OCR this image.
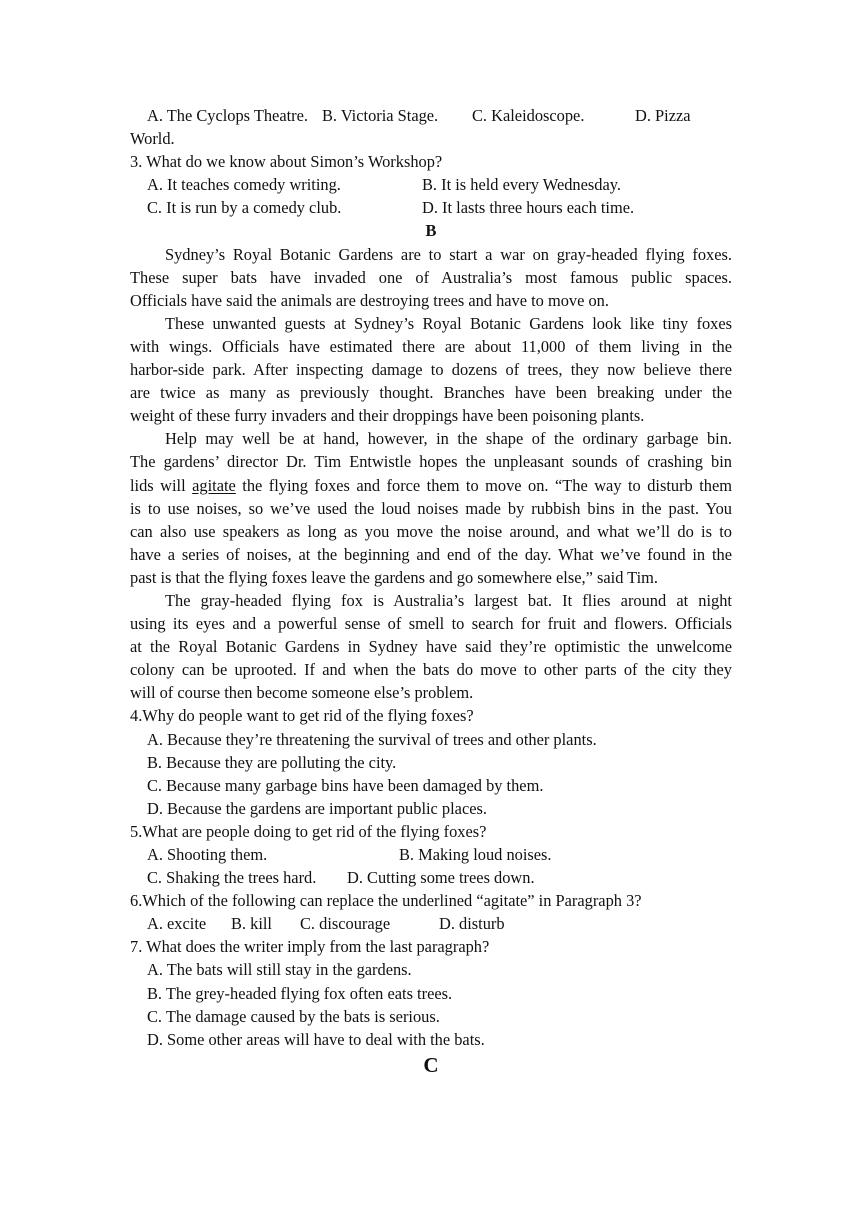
A. The Cyclops Theatre. B. Victoria Stage. C. Kaleidoscope.	D. Pizza
World.
3. What do we know about Simon’s Workshop?
A. It teaches comedy writing.	B. It is held every Wednesday.
C. It is run by a comedy club.	D. It lasts three hours each time.
B
Sydney’s Royal Botanic Gardens are to start a war on gray-headed flying foxes.
These super bats have invaded one of Australia’s most famous public spaces.
Officials have said the animals are destroying trees and have to move on.
These unwanted guests at Sydney’s Royal Botanic Gardens look like tiny foxes
with wings. Officials have estimated there are about 11,000 of them living in the
harbor-side park. After inspecting damage to dozens of trees, they now believe there
are twice as many as previously thought. Branches have been breaking under the
weight of these furry invaders and their droppings have been poisoning plants.
Help may well be at hand, however, in the shape of the ordinary garbage bin.
The gardens’ director Dr. Tim Entwistle hopes the unpleasant sounds of crashing bin
lids will agitate the flying foxes and force them to move on. “The way to disturb them
is to use noises, so we’ve used the loud noises made by rubbish bins in the past. You
can also use speakers as long as you move the noise around, and what we’ll do is to
have a series of noises, at the beginning and end of the day. What we’ve found in the
past is that the flying foxes leave the gardens and go somewhere else,” said Tim.
The gray-headed flying fox is Australia’s largest bat. It flies around at night
using its eyes and a powerful sense of smell to search for fruit and flowers. Officials
at the Royal Botanic Gardens in Sydney have said they’re optimistic the unwelcome
colony can be uprooted. If and when the bats do move to other parts of the city they
will of course then become someone else’s problem.
4.Why do people want to get rid of the flying foxes?
A. Because they’re threatening the survival of trees and other plants.
B. Because they are polluting the city.
C. Because many garbage bins have been damaged by them.
D. Because the gardens are important public places.
5.What are people doing to get rid of the flying foxes?
A. Shooting them.	B. Making loud noises.
C. Shaking the trees hard. D. Cutting some trees down.
6.Which of the following can replace the underlined “agitate” in Paragraph 3?
A. excite B. kill C. discourage	D. disturb
7. What does the writer imply from the last paragraph?
A. The bats will still stay in the gardens.
B. The grey-headed flying fox often eats trees.
C. The damage caused by the bats is serious.
D. Some other areas will have to deal with the bats.
C
